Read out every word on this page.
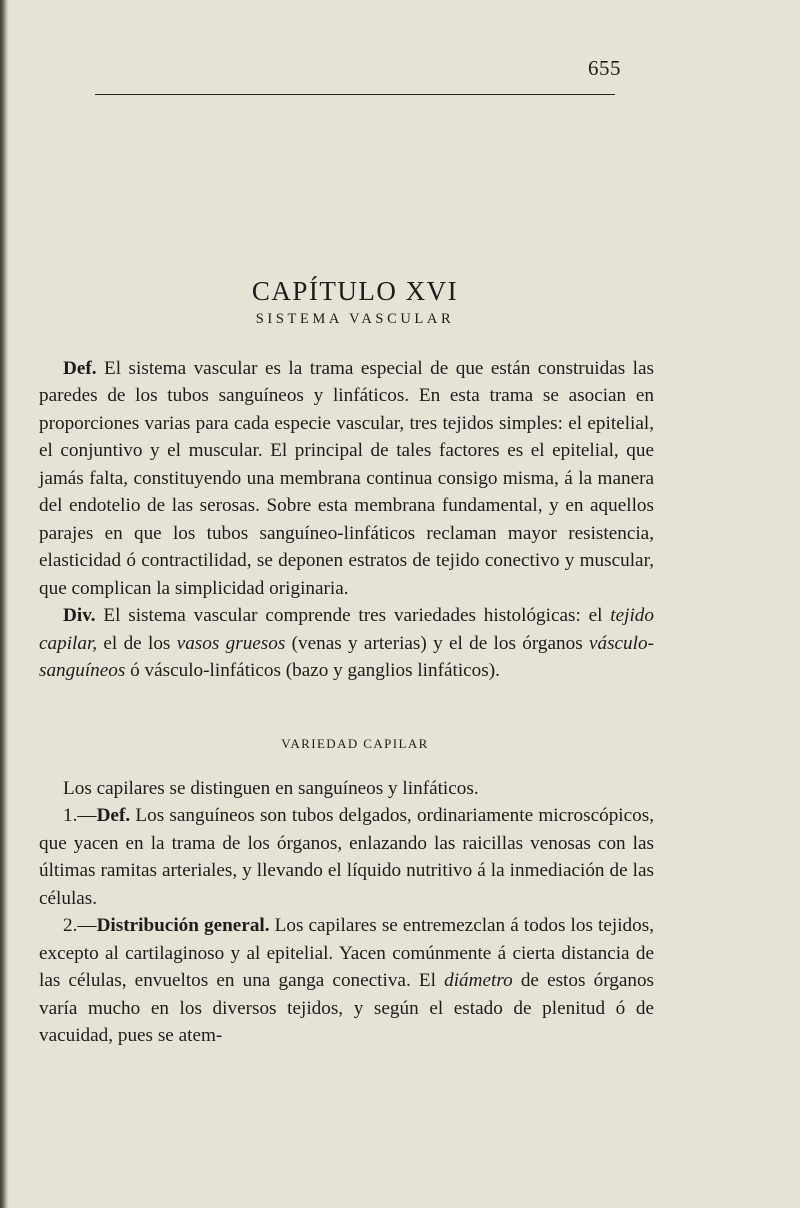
655
CAPÍTULO XVI
SISTEMA VASCULAR

Def. El sistema vascular es la trama especial de que están construidas las paredes de los tubos sanguíneos y linfáticos. En esta trama se asocian en proporciones varias para cada especie vascular, tres tejidos simples: el epitelial, el conjuntivo y el muscular. El principal de tales factores es el epitelial, que jamás falta, constituyendo una membrana continua consigo misma, á la manera del endotelio de las serosas. Sobre esta membrana fundamental, y en aquellos parajes en que los tubos sanguíneo-linfáticos reclaman mayor resistencia, elasticidad ó contractilidad, se deponen estratos de tejido conectivo y muscular, que complican la simplicidad originaria.

Div. El sistema vascular comprende tres variedades histológicas: el tejido capilar, el de los vasos gruesos (venas y arterias) y el de los órganos vásculo-sanguíneos ó vásculo-linfáticos (bazo y ganglios linfáticos).

VARIEDAD CAPILAR

Los capilares se distinguen en sanguíneos y linfáticos.

1.—Def. Los sanguíneos son tubos delgados, ordinariamente microscópicos, que yacen en la trama de los órganos, enlazando las raicillas venosas con las últimas ramitas arteriales, y llevando el líquido nutritivo á la inmediación de las células.

2.—Distribución general. Los capilares se entremezclan á todos los tejidos, excepto al cartilaginoso y al epitelial. Yacen comúnmente á cierta distancia de las células, envueltos en una ganga conectiva. El diámetro de estos órganos varía mucho en los diversos tejidos, y según el estado de plenitud ó de vacuidad, pues se atem-
